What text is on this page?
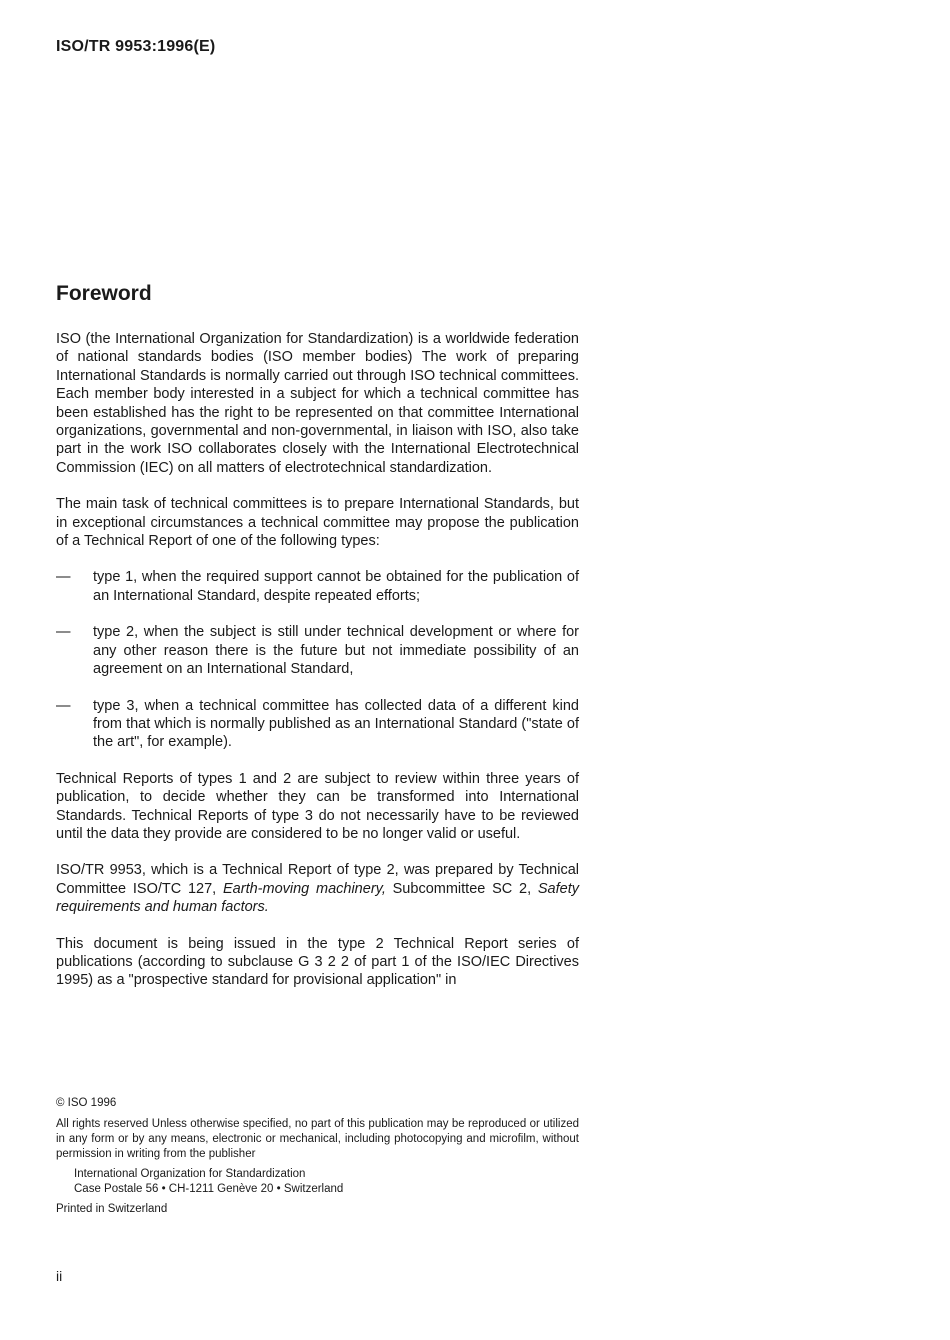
ISO/TR 9953:1996(E)
Foreword

ISO (the International Organization for Standardization) is a worldwide federation of national standards bodies (ISO member bodies) The work of preparing International Standards is normally carried out through ISO technical committees. Each member body interested in a subject for which a technical committee has been established has the right to be represented on that committee International organizations, governmental and non-governmental, in liaison with ISO, also take part in the work ISO collaborates closely with the International Electrotechnical Commission (IEC) on all matters of electrotechnical standardization.

The main task of technical committees is to prepare International Standards, but in exceptional circumstances a technical committee may propose the publication of a Technical Report of one of the following types:

— type 1, when the required support cannot be obtained for the publication of an International Standard, despite repeated efforts;
— type 2, when the subject is still under technical development or where for any other reason there is the future but not immediate possibility of an agreement on an International Standard,
— type 3, when a technical committee has collected data of a different kind from that which is normally published as an International Standard ("state of the art", for example).

Technical Reports of types 1 and 2 are subject to review within three years of publication, to decide whether they can be transformed into International Standards. Technical Reports of type 3 do not necessarily have to be reviewed until the data they provide are considered to be no longer valid or useful.

ISO/TR 9953, which is a Technical Report of type 2, was prepared by Technical Committee ISO/TC 127, Earth-moving machinery, Subcommittee SC 2, Safety requirements and human factors.

This document is being issued in the type 2 Technical Report series of publications (according to subclause G 3 2 2 of part 1 of the ISO/IEC Directives 1995) as a "prospective standard for provisional application" in

© ISO 1996

All rights reserved Unless otherwise specified, no part of this publication may be reproduced or utilized in any form or by any means, electronic or mechanical, including photocopying and microfilm, without permission in writing from the publisher

International Organization for Standardization

Case Postale 56 • CH-1211 Genève 20 • Switzerland

Printed in Switzerland

ii
